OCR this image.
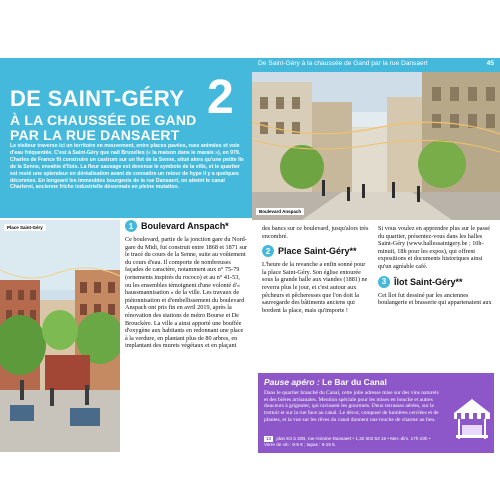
DE SAINT-GÉRY
À LA CHAUSSÉE DE GAND
PAR LA RUE DANSAERT
2
Le visiteur traverse ici un territoire en mouvement, entre places pavées, rues animées et voie d'eau fréquentée. C'est à Saint-Géry que naît Bruxelles (« la maison dans le marais »), en 979. Charles de France fit construire un castrum sur un îlot de la Senne, situé alors qu'une petite île de la Senne, envahie d'îlots. La fleur sauvage est devenue le symbole de la ville, et le quartier est resté une splendeur en déréalisation avant de connaître un retour de hype il y a quelques décennies. En longeant les immeubles bourgeois de la rue Dansaert, on atteint le canal Charleroi, ancienne friche industrielle désormais en pleine mutation.
Place Saint-Géry	1 Boulevard Anspach*
Ce boulevard, partie de la jonction gare du Nord-gare du Midi, fut construit entre 1868 et 1871 sur le tracé du cours de la Senne, suite au voûtement du cours d'eau. Il comporte de nombreuses façades de caractère, notamment aux n° 75-79 (ornements inspirés du rococo) et au n° 41-53, ou les ensembles témoignent d'une volonté d'« haussmannisation » de la ville. Les travaux de piétonnisation et d'embellissement du boulevard Anspach ont pris fin en avril 2019, après la rénovation des stations de métro Bourse et De Brouckère. La ville a ainsi apporté une bouffée d'oxygène aux habitants en redonnant une place à la verdure, en plantant plus de 80 arbres, en implantant des murets végétaux et en plaçant
De Saint-Géry à la chaussée de Gand par la rue Dansaert	45
Boulevard Anspach
des bancs sur ce boulevard, jusqu'alors très encombré.
2 Place Saint-Géry**
L'heure de la revanche a enfin sonné pour la place Saint-Géry. Son église entourée sous la grande halle aux viandes (1881) ne reverra plus le jour, et c'est autour aux pêcheurs et pêcheresses que l'on doit la sauvegarde des bâtiments anciens qui bordent la place, mais qu'importe !
Si vous voulez en apprendre plus sur le passé du quartier, présentez-vous dans les halles Saint-Géry (www.hallessaintgery.be ; 10h-minuit, 18h pour les expos), qui offrent expositions et documents historiques ainsi qu'un agréable café.
3 Îlot Saint-Géry**
Cet îlot fut dessiné par les anciennes boulangerie et brasserie qui appartenaient aux
Pause apéro : Le Bar du Canal
Dans le quartier branché du Canal, cette jolie adresse mise sur des vins naturels et des bières artisanales. Mention spéciale pour les mises en bouche et autres douceurs à grignoter, qui ravissent les gourmets. Deux terrasses aérées, sur le trottoir et sur la rue face au canal. Le décor, composé de lumières cerclées et de plantes, et la vue sur les rêves du canal donnent une touche de charme au lieu.
13 plan E3 à 20B, rue Antoine-Dansaert • 1,32 502 53 15 • Mer.-dim. 17h-23h • Verre de vin : 6-8 € ; tapas : 6-15 €.
